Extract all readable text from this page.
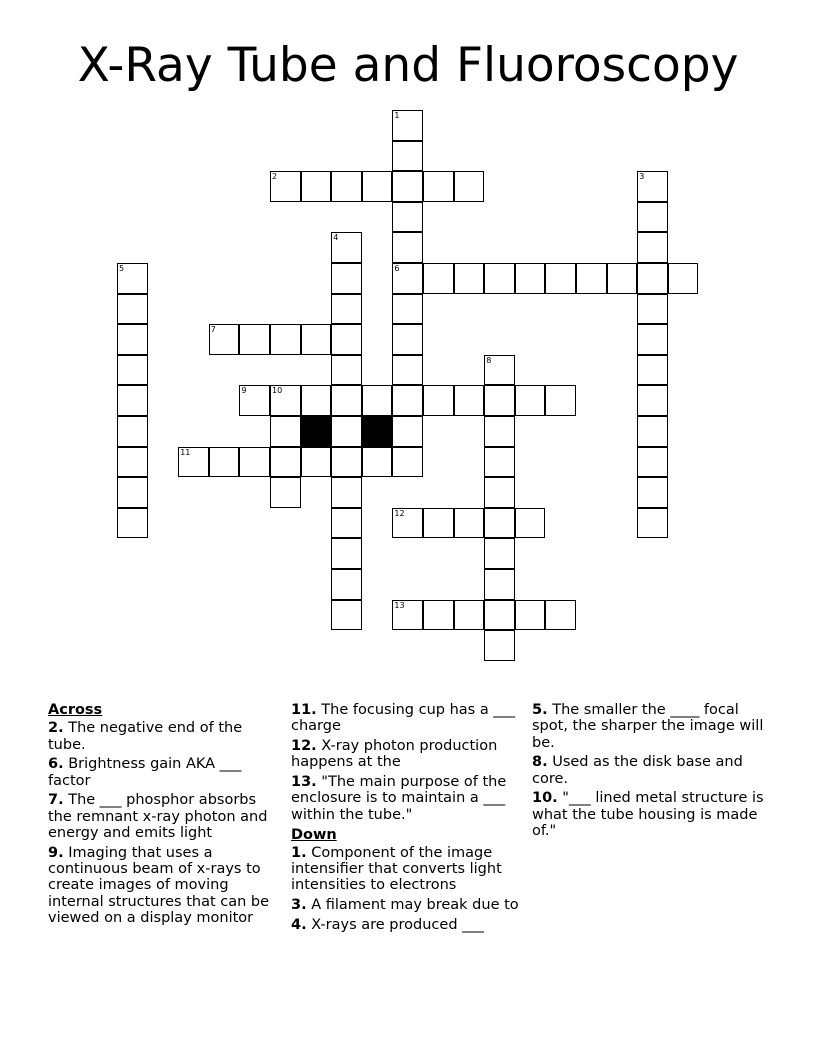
X-Ray Tube and Fluoroscopy
1
2	3
4
5	6
7
8
9	10
11
12
13
Across
2. The negative end of the tube.
6. Brightness gain AKA ___ factor
7. The ___ phosphor absorbs the remnant x-ray photon and energy and emits light
9. Imaging that uses a continuous beam of x-rays to create images of moving internal structures that can be viewed on a display monitor
11. The focusing cup has a ___ charge
12. X-ray photon production happens at the
13. "The main purpose of the enclosure is to maintain a ___ within the tube."
Down
1. Component of the image intensifier that converts light intensities to electrons
3. A filament may break due to
4. X-rays are produced ___
5. The smaller the ____ focal spot, the sharper the image will be.
8. Used as the disk base and core.
10. "___ lined metal structure is what the tube housing is made of."
